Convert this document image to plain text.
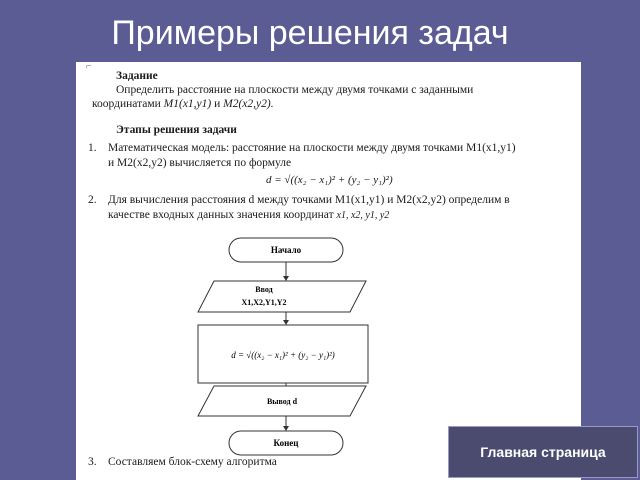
Примеры решения задач
⌐
Задание
Определить расстояние на плоскости между двумя точками с заданными
координатами M1(x1,y1) и M2(x2,y2).
Этапы решения задачи
1. Математическая модель: расстояние на плоскости между двумя точками M1(x1,y1)
и M2(x2,y2) вычисляется по формуле
d = √((x₂ − x₁)² + (y₂ − y₁)²)
2. Для вычисления расстояния d между точками M1(x1,y1) и M2(x2,y2) определим в
качестве входных данных значения координат x1, x2, y1, y2
Начало
Ввод
X1,X2,Y1,Y2
d = √((x₂ − x₁)² + (y₂ − y₁)²)
Вывод d
Конец
3. Составляем блок-схему алгоритма
Главная страница
